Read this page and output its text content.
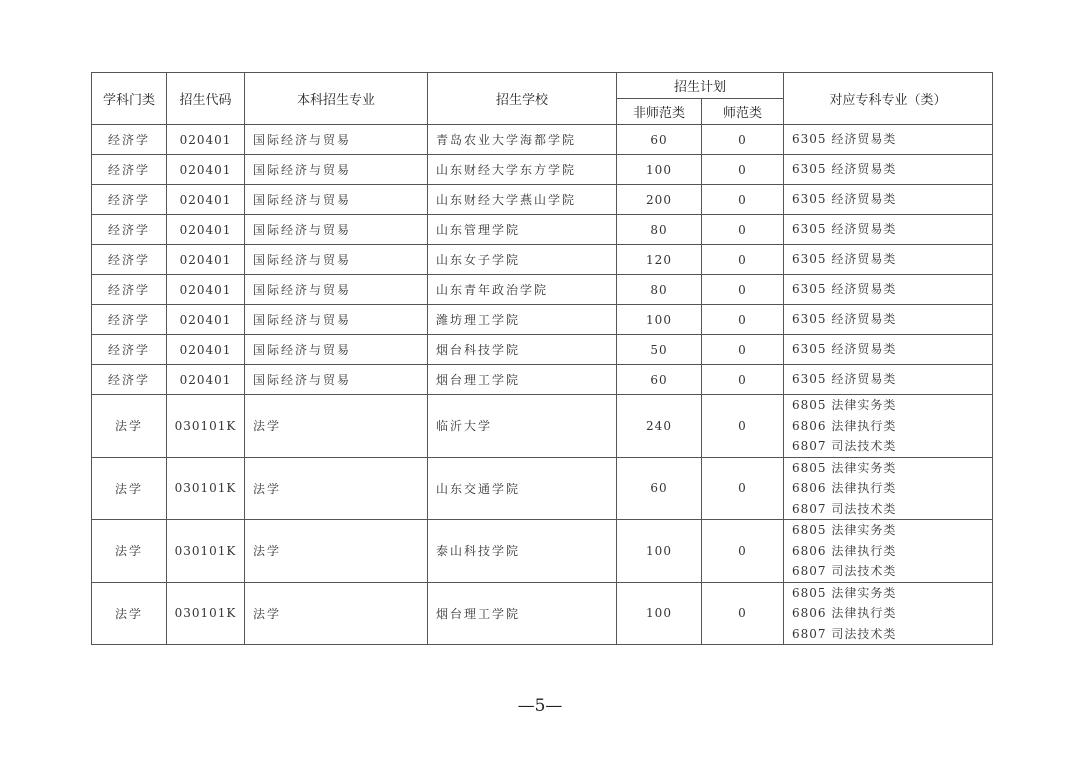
学科门类	招生代码	本科招生专业	招生学校	招生计划		对应专科专业（类）
				非师范类	师范类	
经济学	020401	国际经济与贸易	青岛农业大学海都学院	60	0	6305 经济贸易类

经济学	020401	国际经济与贸易	山东财经大学东方学院	100	0	6305 经济贸易类

经济学	020401	国际经济与贸易	山东财经大学燕山学院	200	0	6305 经济贸易类

经济学	020401	国际经济与贸易	山东管理学院	80	0	6305 经济贸易类

经济学	020401	国际经济与贸易	山东女子学院	120	0	6305 经济贸易类

经济学	020401	国际经济与贸易	山东青年政治学院	80	0	6305 经济贸易类

经济学	020401	国际经济与贸易	潍坊理工学院	100	0	6305 经济贸易类

经济学	020401	国际经济与贸易	烟台科技学院	50	0	6305 经济贸易类

经济学	020401	国际经济与贸易	烟台理工学院	60	0	6305 经济贸易类

法学	030101K	法学	临沂大学	240	0	6805 法律实务类
6806 法律执行类
6807 司法技术类

法学	030101K	法学	山东交通学院	60	0	6805 法律实务类
6806 法律执行类
6807 司法技术类

法学	030101K	法学	泰山科技学院	100	0	6805 法律实务类
6806 法律执行类
6807 司法技术类

法学	030101K	法学	烟台理工学院	100	0	6805 法律实务类
6806 法律执行类
6807 司法技术类
—5—
